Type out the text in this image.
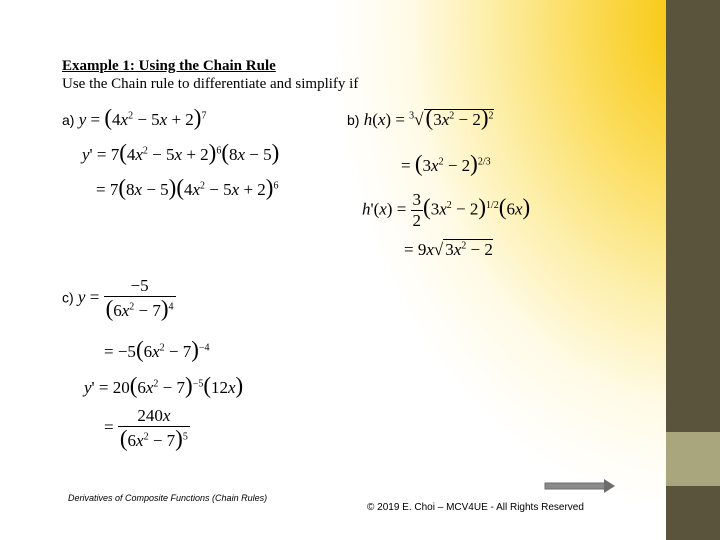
Example 1: Using the Chain Rule
Use the Chain rule to differentiate and simplify if
a) $y = (4x^2 - 5x + 2)^7$
$y' = 7(4x^2 - 5x + 2)^6(8x - 5)$
= $7(8x - 5)(4x^2 - 5x + 2)^6$
b) $h(x) = ^3√(3x^2 - 2)^2$
= $(3x^2 - 2)^{2/3}$
$h'(x) = \frac{3}{2} (3x^2 - 2)^{1/2}(6x)$
= 9x√ $3x^2 - 2$
c) $y = \frac{-5}{(6x^2 - 7)^4}$
= $-5(6x^2 - 7)^{-4}$
$y' = 20(6x^2 - 7)^{-5}(12x)$
= $\frac{240x}{(6x^2 - 7)^5}$
Derivatives of Composite Functions (Chain Rules)
© 2019 E. Choi – MCV4UE - All Rights Reserved
